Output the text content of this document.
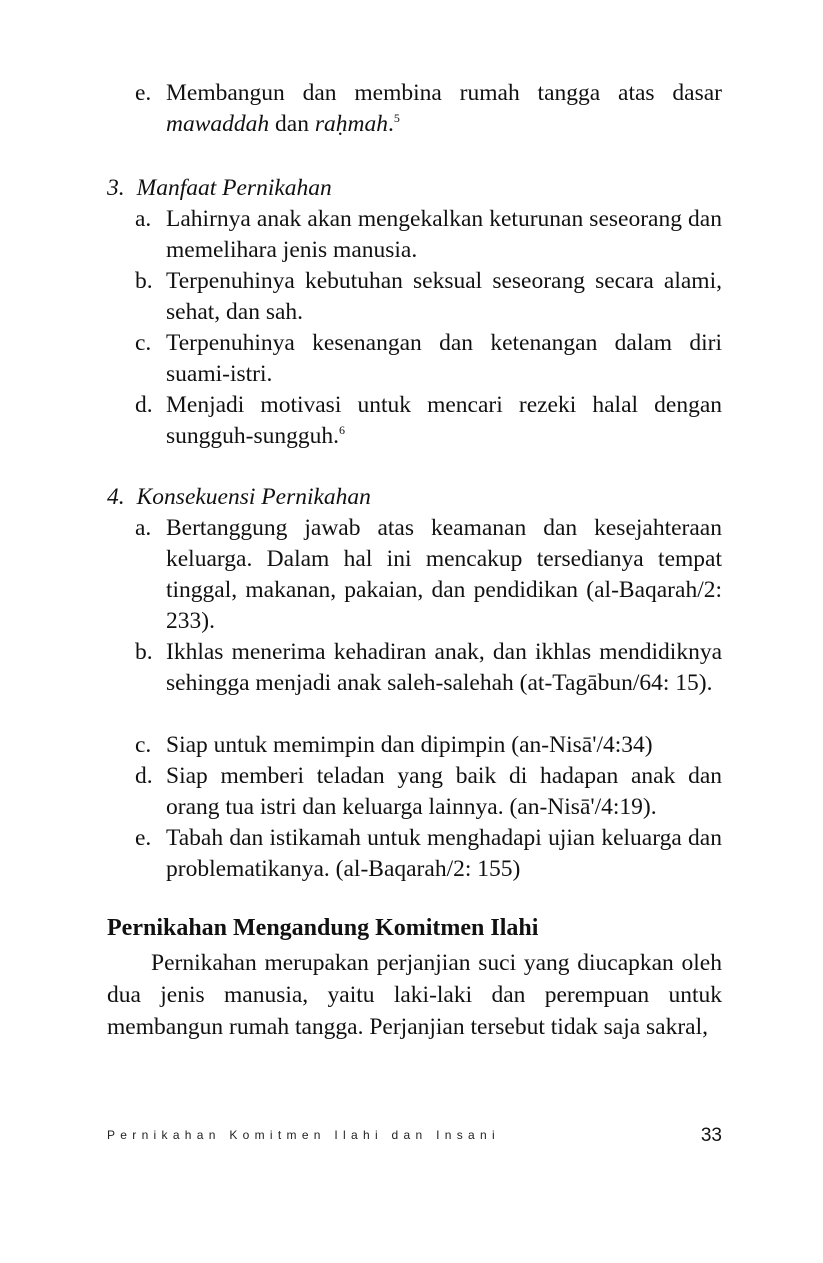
e. Membangun dan membina rumah tangga atas dasar
mawaddah dan raḥmah.$^5$
3. Manfaat Pernikahan
a. Lahirnya anak akan mengekalkan keturunan seseorang dan memelihara jenis manusia.
b. Terpenuhinya kebutuhan seksual seseorang secara alami, sehat, dan sah.
c. Terpenuhinya kesenangan dan ketenangan dalam diri suami-istri.
d. Menjadi motivasi untuk mencari rezeki halal dengan sungguh-sungguh.$^6$
4. Konsekuensi Pernikahan
a. Bertanggung jawab atas keamanan dan kesejahteraan keluarga. Dalam hal ini mencakup tersedianya tempat tinggal, makanan, pakaian, dan pendidikan (al-Baqarah/2: 233).
b. Ikhlas menerima kehadiran anak, dan ikhlas mendidiknya sehingga menjadi anak saleh-salehah (at-Tagābun/64: 15).
c. Siap untuk memimpin dan dipimpin (an-Nisā'/4:34)
d. Siap memberi teladan yang baik di hadapan anak dan orang tua istri dan keluarga lainnya. (an-Nisā'/4:19).
e. Tabah dan istikamah untuk menghadapi ujian keluarga dan problematikanya. (al-Baqarah/2: 155)
Pernikahan Mengandung Komitmen Ilahi
Pernikahan merupakan perjanjian suci yang diucapkan oleh dua jenis manusia, yaitu laki-laki dan perempuan untuk membangun rumah tangga. Perjanjian tersebut tidak saja sakral,
Pernikahan Komitmen Ilahi dan Insani	33
